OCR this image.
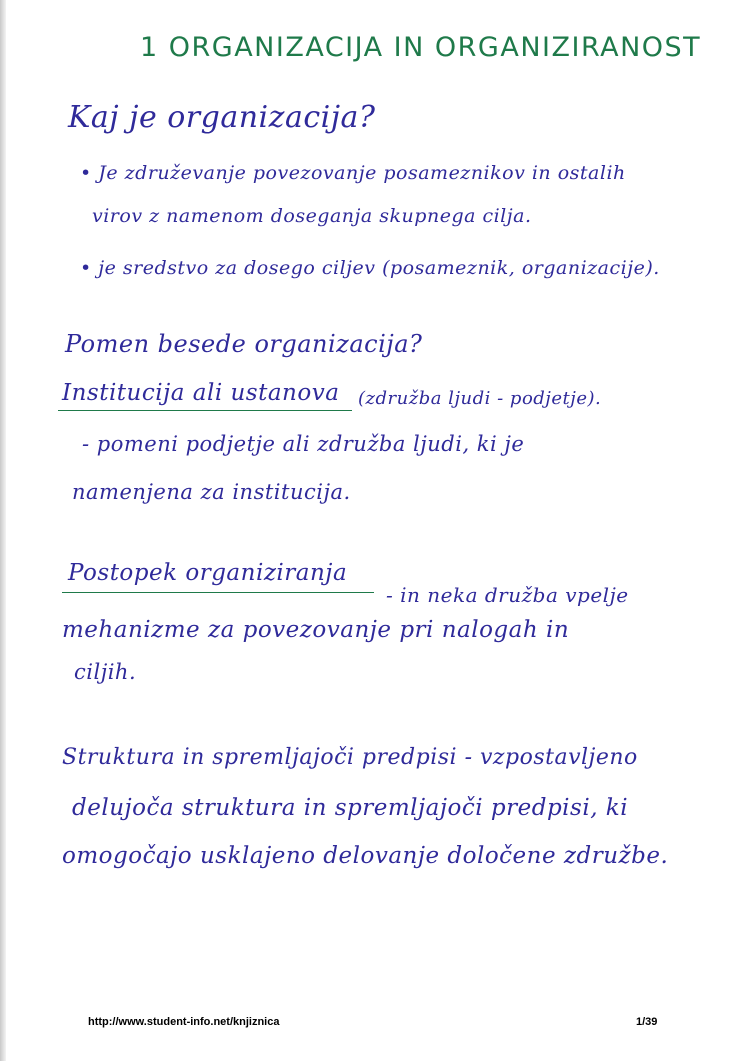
1 ORGANIZACIJA IN ORGANIZIRANOST
Kaj je organizacija?
• Je združevanje povezovanje posameznikov in ostalih
virov z namenom doseganja skupnega cilja.
• je sredstvo za dosego ciljev (posameznik, organizacije).
Pomen besede organizacija?
Institucija ali ustanova (združba ljudi - podjetje).
- pomeni podjetje ali združba ljudi, ki je
namenjena za institucija.
Postopek organiziranja
- in neka družba vpelje
mehanizme za povezovanje pri nalogah in
ciljih.
Struktura in spremljajoči predpisi - vzpostavljeno
delujoča struktura in spremljajoči predpisi, ki
omogočajo usklajeno delovanje določene združbe.
http://www.student-info.net/knjiznica	1/39
